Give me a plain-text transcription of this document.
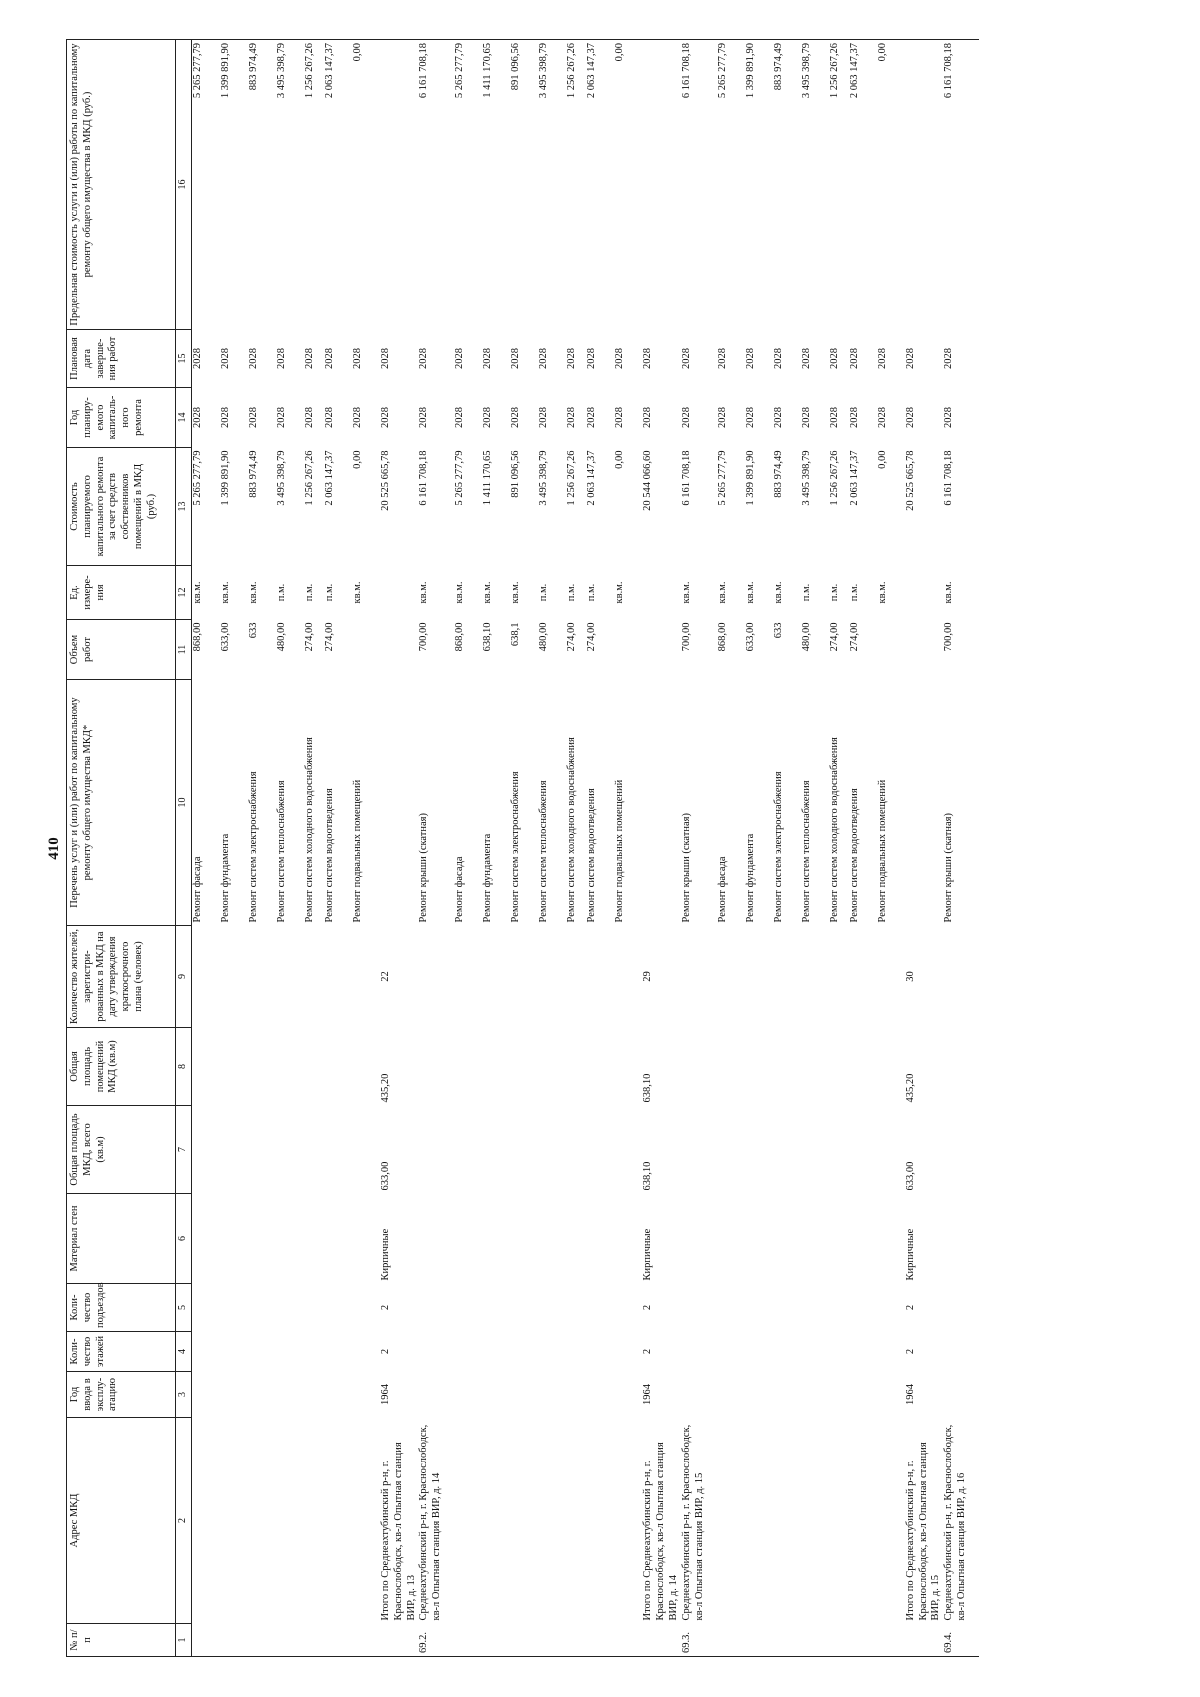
410
№ п/п	Адрес МКД	Год ввода в эксплу-атацию	Коли-чество этажей	Коли-чество подъездов	Материал стен	Общая площадь МКД, всего (кв.м)	Общая площадь помещений МКД (кв.м)	Количество жителей, зарегистри-рованных в МКД на дату утверждения краткосрочного плана (человек)	Перечень услуг и (или) работ по капитальному ремонту общего имущества МКД*	Объем работ	Ед. измере-ния	Стоимость планируемого капитального ремонта за счет средств собственников помещений в МКД (руб.)	Год планиру-емого капиталь-ного ремонта	Плановая дата заверше-ния работ	Предельная стоимость услуги и (или) работы по капитальному ремонту общего имущества в МКД (руб.)
1	2	3	4	5	6	7	8	9	10	11	12	13	14	15	16
									Ремонт фасада	868,00	кв.м.	5 265 277,79	2028	2028	5 265 277,79
									Ремонт фундамента	633,00	кв.м.	1 399 891,90	2028	2028	1 399 891,90
									Ремонт систем электроснабжения	633	кв.м.	883 974,49	2028	2028	883 974,49
									Ремонт систем теплоснабжения	480,00	п.м.	3 495 398,79	2028	2028	3 495 398,79
									Ремонт систем холодного водоснабжения	274,00	п.м.	1 256 267,26	2028	2028	1 256 267,26
									Ремонт систем водоотведения	274,00	п.м.	2 063 147,37	2028	2028	2 063 147,37
									Ремонт подвальных помещений		кв.м.	0,00	2028	2028	0,00
	Итого по Среднеахтубинский р-н, г. Краснослободск, кв-л Опытная станция ВИР, д. 13	1964	2	2	Кирпичные	633,00	435,20	22				20 525 665,78	2028	2028	
69.2.	Среднеахтубинский р-н, г. Краснослободск, кв-л Опытная станция ВИР, д. 14								Ремонт крыши (скатная)	700,00	кв.м.	6 161 708,18	2028	2028	6 161 708,18
									Ремонт фасада	868,00	кв.м.	5 265 277,79	2028	2028	5 265 277,79
									Ремонт фундамента	638,10	кв.м.	1 411 170,65	2028	2028	1 411 170,65
									Ремонт систем электроснабжения	638,1	кв.м.	891 096,56	2028	2028	891 096,56
									Ремонт систем теплоснабжения	480,00	п.м.	3 495 398,79	2028	2028	3 495 398,79
									Ремонт систем холодного водоснабжения	274,00	п.м.	1 256 267,26	2028	2028	1 256 267,26
									Ремонт систем водоотведения	274,00	п.м.	2 063 147,37	2028	2028	2 063 147,37
									Ремонт подвальных помещений		кв.м.	0,00	2028	2028	0,00
	Итого по Среднеахтубинский р-н, г. Краснослободск, кв-л Опытная станция ВИР, д. 14	1964	2	2	Кирпичные	638,10	638,10	29				20 544 066,60	2028	2028	
69.3.	Среднеахтубинский р-н, г. Краснослободск, кв-л Опытная станция ВИР, д. 15								Ремонт крыши (скатная)	700,00	кв.м.	6 161 708,18	2028	2028	6 161 708,18
									Ремонт фасада	868,00	кв.м.	5 265 277,79	2028	2028	5 265 277,79
									Ремонт фундамента	633,00	кв.м.	1 399 891,90	2028	2028	1 399 891,90
									Ремонт систем электроснабжения	633	кв.м.	883 974,49	2028	2028	883 974,49
									Ремонт систем теплоснабжения	480,00	п.м.	3 495 398,79	2028	2028	3 495 398,79
									Ремонт систем холодного водоснабжения	274,00	п.м.	1 256 267,26	2028	2028	1 256 267,26
									Ремонт систем водоотведения	274,00	п.м.	2 063 147,37	2028	2028	2 063 147,37
									Ремонт подвальных помещений		кв.м.	0,00	2028	2028	0,00
	Итого по Среднеахтубинский р-н, г. Краснослободск, кв-л Опытная станция ВИР, д. 15	1964	2	2	Кирпичные	633,00	435,20	30				20 525 665,78	2028	2028	
69.4.	Среднеахтубинский р-н, г. Краснослободск, кв-л Опытная станция ВИР, д. 16								Ремонт крыши (скатная)	700,00	кв.м.	6 161 708,18	2028	2028	6 161 708,18
